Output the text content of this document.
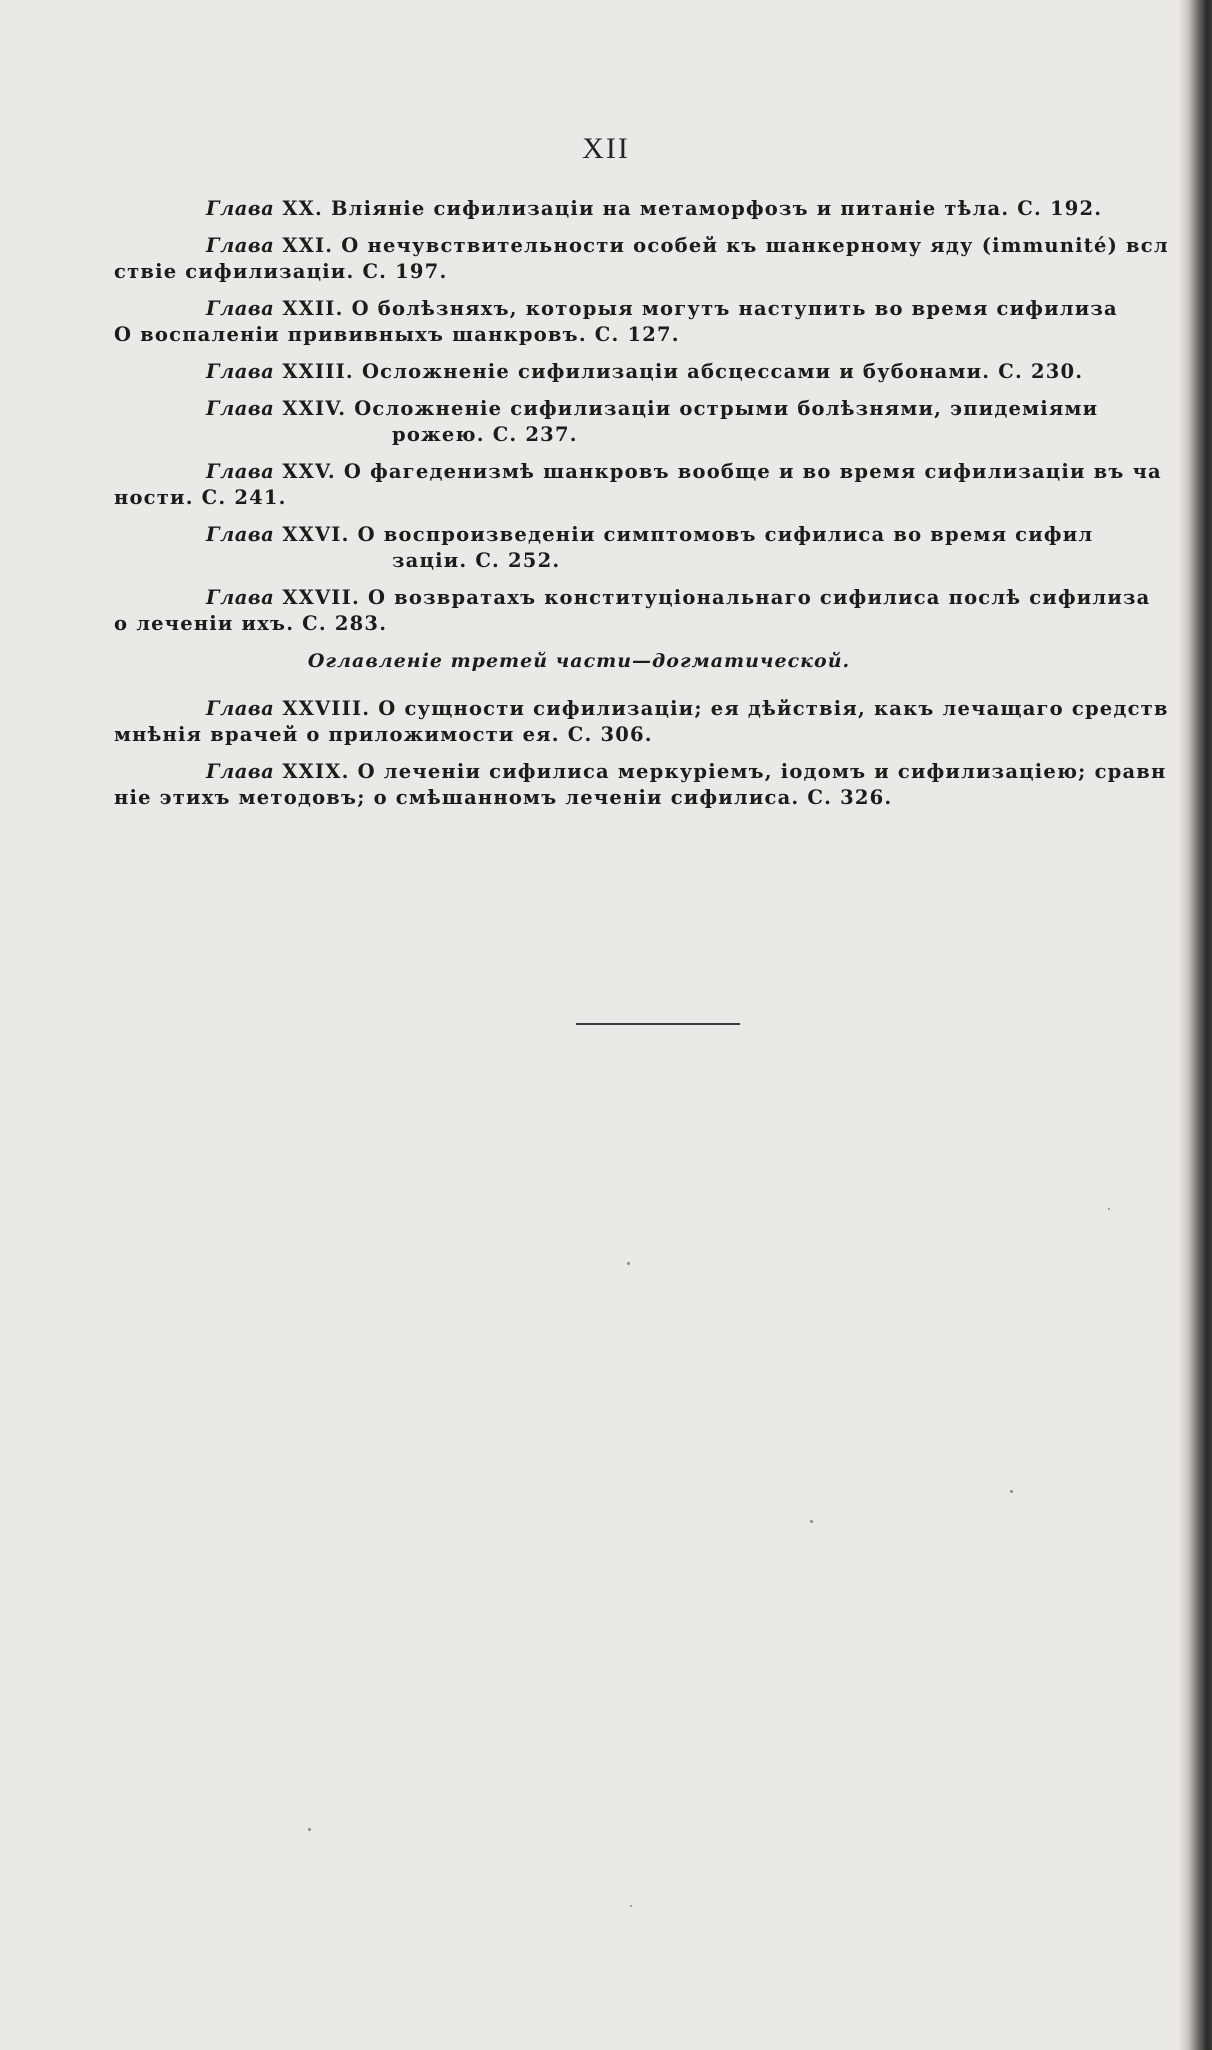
XII
Глава XX. Вліяніе сифилизаціи на метаморфозъ и питаніе тѣла. С. 192.
Глава XXI. О нечувствительности особей къ шанкерному яду (immunité) всл
ствіе сифилизаціи. С. 197.
Глава XXII. О болѣзняхъ, которыя могутъ наступить во время сифилиза
О воспаленіи прививныхъ шанкровъ. С. 127.
Глава XXIII. Осложненіе сифилизаціи абсцессами и бубонами. С. 230.
Глава XXIV. Осложненіе сифилизаціи острыми болѣзнями, эпидеміями
рожею. С. 237.
Глава XXV. О фагеденизмѣ шанкровъ вообще и во время сифилизаціи въ ча
ности. С. 241.
Глава XXVI. О воспроизведеніи симптомовъ сифилиса во время сифил
заціи. С. 252.
Глава XXVII. О возвратахъ конституціональнаго сифилиса послѣ сифилиза
о леченіи ихъ. С. 283.
Оглавленіе третей части—догматической.
Глава XXVIII. О сущности сифилизаціи; ея дѣйствія, какъ лечащаго средств
мнѣнія врачей о приложимости ея. С. 306.
Глава XXIX. О леченіи сифилиса меркуріемъ, іодомъ и сифилизаціею; сравн
ніе этихъ методовъ; о смѣшанномъ леченіи сифилиса. С. 326.
